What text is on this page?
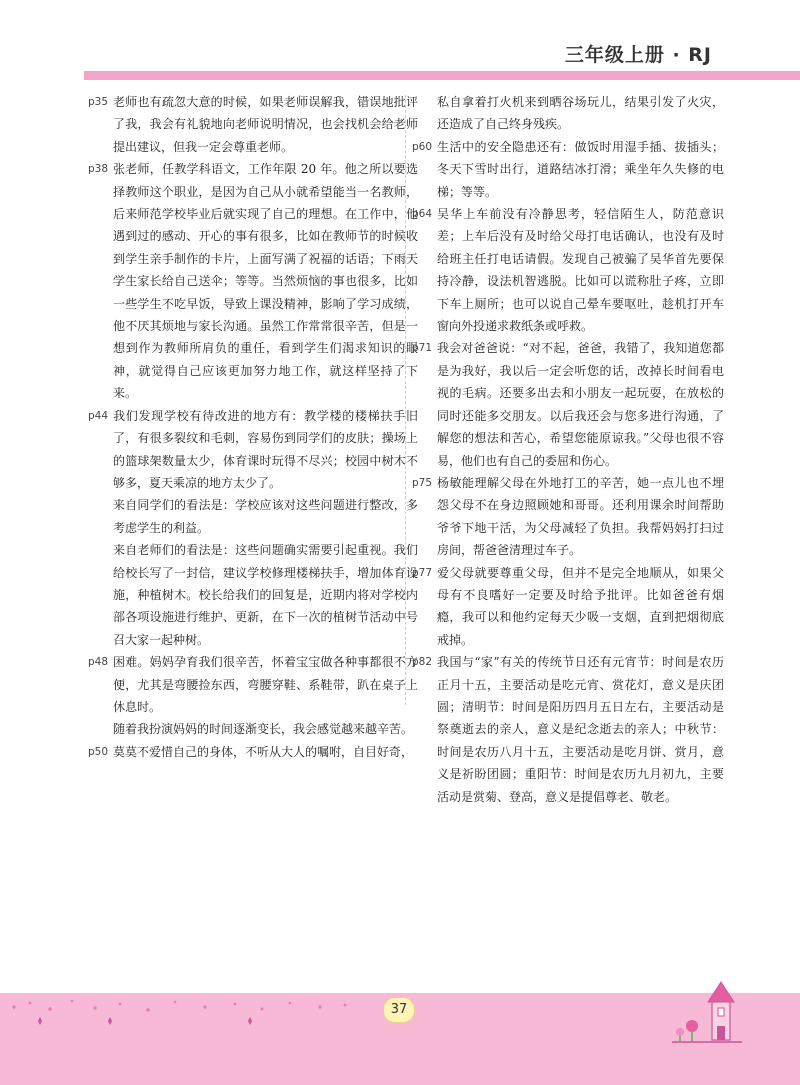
三年级上册 · RJ
p35 老师也有疏忽大意的时候，如果老师误解我，错误地批评了我，我会有礼貌地向老师说明情况，也会找机会给老师提出建议，但我一定会尊重老师。
p38 张老师，任教学科语文，工作年限 20 年。他之所以要选择教师这个职业，是因为自己从小就希望能当一名教师，后来师范学校毕业后就实现了自己的理想。在工作中，他遇到过的感动、开心的事有很多，比如在教师节的时候收到学生亲手制作的卡片，上面写满了祝福的话语；下雨天学生家长给自己送伞；等等。当然烦恼的事也很多，比如一些学生不吃早饭，导致上课没精神，影响了学习成绩，他不厌其烦地与家长沟通。虽然工作常常很辛苦，但是一想到作为教师所肩负的重任，看到学生们渴求知识的眼神，就觉得自己应该更加努力地工作，就这样坚持了下来。
p44 我们发现学校有待改进的地方有：教学楼的楼梯扶手旧了，有很多裂纹和毛刺，容易伤到同学们的皮肤；操场上的篮球架数量太少，体育课时玩得不尽兴；校园中树木不够多，夏天乘凉的地方太少了。
来自同学们的看法是：学校应该对这些问题进行整改，多考虑学生的利益。
来自老师们的看法是：这些问题确实需要引起重视。我们给校长写了一封信，建议学校修理楼梯扶手，增加体育设施，种植树木。校长给我们的回复是，近期内将对学校内部各项设施进行维护、更新，在下一次的植树节活动中号召大家一起种树。
p48 困难。妈妈孕育我们很辛苦，怀着宝宝做各种事都很不方便，尤其是弯腰捡东西，弯腰穿鞋、系鞋带，趴在桌子上休息时。
随着我扮演妈妈的时间逐渐变长，我会感觉越来越辛苦。
p50 莫莫不爱惜自己的身体，不听从大人的嘱咐，自目好奇，
私自拿着打火机来到晒谷场玩儿，结果引发了火灾，还造成了自己终身残疾。
p60 生活中的安全隐患还有：做饭时用湿手插、拔插头；冬天下雪时出行，道路结冰打滑；乘坐年久失修的电梯；等等。
p64 吴华上车前没有冷静思考，轻信陌生人，防范意识差；上车后没有及时给父母打电话确认，也没有及时给班主任打电话请假。发现自己被骗了吴华首先要保持冷静，设法机智逃脱。比如可以谎称肚子疼，立即下车上厕所；也可以说自己晕车要呕吐，趁机打开车窗向外投递求救纸条或呼救。
p71 我会对爸爸说：“对不起，爸爸，我错了，我知道您都是为我好，我以后一定会听您的话，改掉长时间看电视的毛病。还要多出去和小朋友一起玩耍，在放松的同时还能多交朋友。以后我还会与您多进行沟通，了解您的想法和苦心，希望您能原谅我。”父母也很不容易，他们也有自己的委屈和伤心。
p75 杨敏能理解父母在外地打工的辛苦，她一点儿也不埋怨父母不在身边照顾她和哥哥。还利用课余时间帮助爷爷下地干活，为父母减轻了负担。我帮妈妈打扫过房间，帮爸爸清理过车子。
p77 爱父母就要尊重父母，但并不是完全地顺从，如果父母有不良嗜好一定要及时给予批评。比如爸爸有烟瘾，我可以和他约定每天少吸一支烟，直到把烟彻底戒掉。
p82 我国与“家”有关的传统节日还有元宵节：时间是农历正月十五，主要活动是吃元宵、赏花灯，意义是庆团圆；清明节：时间是阳历四月五日左右，主要活动是祭奠逝去的亲人，意义是纪念逝去的亲人；中秋节：时间是农历八月十五，主要活动是吃月饼、赏月，意义是祈盼团圆；重阳节：时间是农历九月初九，主要活动是赏菊、登高，意义是提倡尊老、敬老。
37
